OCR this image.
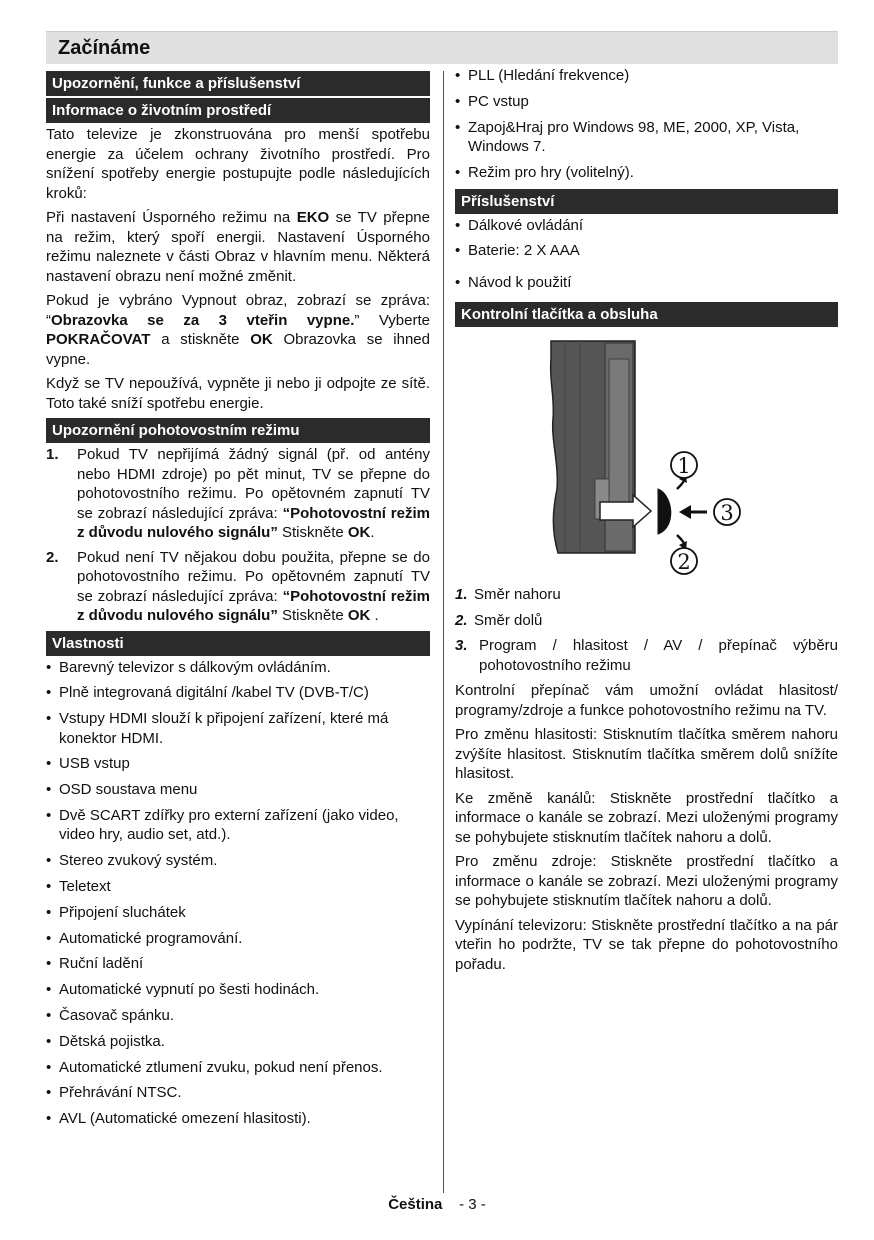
Začínáme
Upozornění, funkce a příslušenství
Informace o životním prostředí

Tato televize je zkonstruována pro menší spotřebu energie za účelem ochrany životního prostředí. Pro snížení spotřeby energie postupujte podle následujících kroků:

Při nastavení Úsporného režimu na EKO se TV přepne na režim, který spoří energii. Nastavení Úsporného režimu naleznete v části Obraz v hlavním menu. Některá nastavení obrazu není možné změnit.

Pokud je vybráno Vypnout obraz, zobrazí se zpráva: “Obrazovka se za 3 vteřin vypne.” Vyberte POKRAČOVAT a stiskněte OK Obrazovka se ihned vypne.

Když se TV nepoužívá, vypněte ji nebo ji odpojte ze sítě. Toto také sníží spotřebu energie.

Upozornění pohotovostním režimu
1. Pokud TV nepřijímá žádný signál (př. od antény nebo HDMI zdroje) po pět minut, TV se přepne do pohotovostního režimu. Po opětovném zapnutí TV se zobrazí následující zpráva: “Pohotovostní režim z důvodu nulového signálu” Stiskněte OK.
2. Pokud není TV nějakou dobu použita, přepne se do pohotovostního režimu. Po opětovném zapnutí TV se zobrazí následující zpráva: “Pohotovostní režim z důvodu nulového signálu” Stiskněte OK .
Vlastnosti
• Barevný televizor s dálkovým ovládáním.
• Plně integrovaná digitální /kabel TV (DVB-T/C)
• Vstupy HDMI slouží k připojení zařízení, které má konektor HDMI.
• USB vstup
• OSD soustava menu
• Dvě SCART zdířky pro externí zařízení (jako video, video hry, audio set, atd.).
• Stereo zvukový systém.
• Teletext
• Připojení sluchátek
• Automatické programování.
• Ruční ladění
• Automatické vypnutí po šesti hodinách.
• Časovač spánku.
• Dětská pojistka.
• Automatické ztlumení zvuku, pokud není přenos.
• Přehrávání NTSC.
• AVL (Automatické omezení hlasitosti).
• PLL (Hledání frekvence)
• PC vstup
• Zapoj&Hraj pro Windows 98, ME, 2000, XP, Vista, Windows 7.
• Režim pro hry (volitelný).
Příslušenství
• Dálkové ovládání
• Baterie: 2 X AAA
• Návod k použití
Kontrolní tlačítka a obsluha
1
2
3
1. Směr nahoru
2. Směr dolů
3. Program / hlasitost / AV / přepínač výběru pohotovostního režimu

Kontrolní přepínač vám umožní ovládat hlasitost/ programy/zdroje a funkce pohotovostního režimu na TV.

Pro změnu hlasitosti: Stisknutím tlačítka směrem nahoru zvýšíte hlasitost. Stisknutím tlačítka směrem dolů snížíte hlasitost.

Ke změně kanálů: Stiskněte prostřední tlačítko a informace o kanále se zobrazí. Mezi uloženými programy se pohybujete stisknutím tlačítek nahoru a dolů.

Pro změnu zdroje: Stiskněte prostřední tlačítko a informace o kanále se zobrazí. Mezi uloženými programy se pohybujete stisknutím tlačítek nahoru a dolů.

Vypínání televizoru: Stiskněte prostřední tlačítko a na pár vteřin ho podržte, TV se tak přepne do pohotovostního pořadu.

Čeština - 3 -
